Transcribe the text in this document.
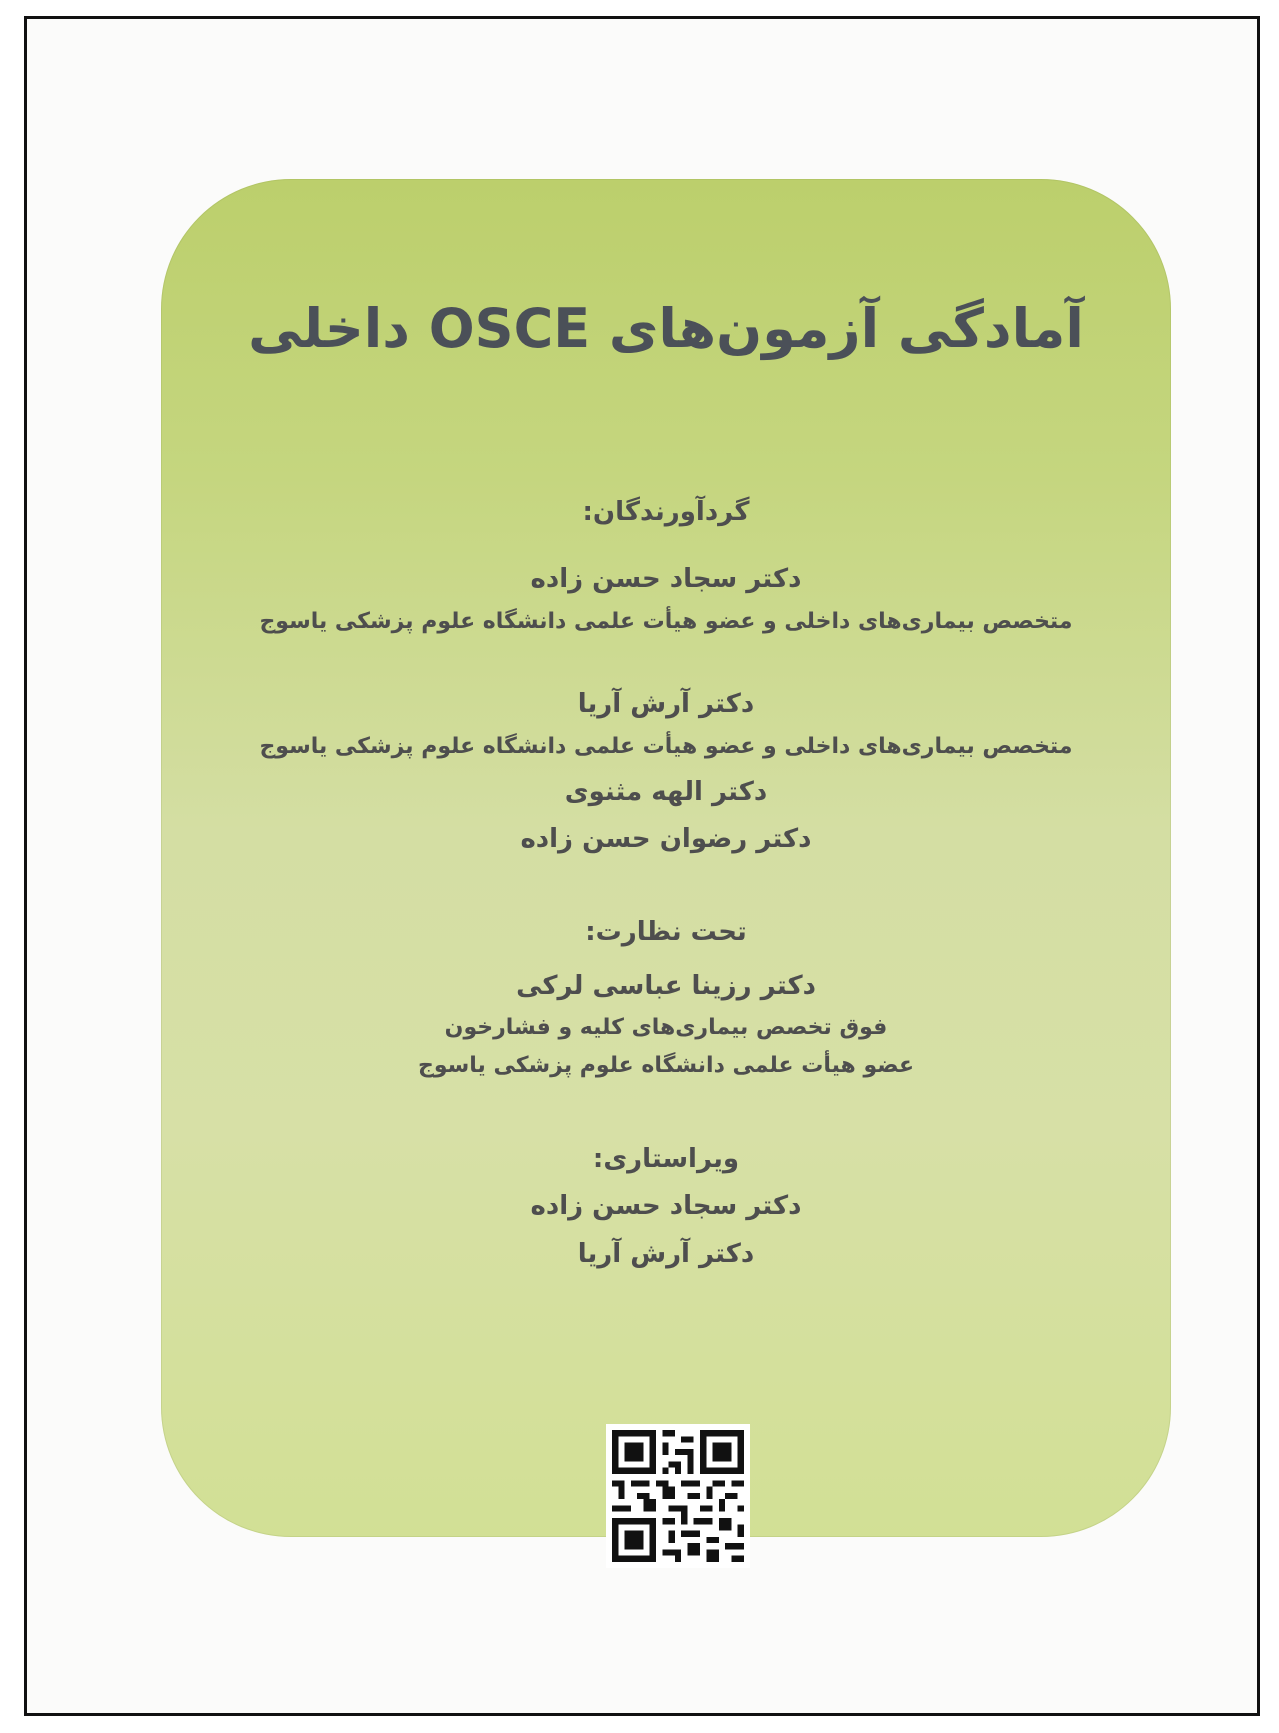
آمادگی آزمون‌های OSCE داخلی
گردآورندگان:
دکتر سجاد حسن زاده
متخصص بیماری‌های داخلی و عضو هیأت علمی دانشگاه علوم پزشکی یاسوج
دکتر آرش آریا
متخصص بیماری‌های داخلی و عضو هیأت علمی دانشگاه علوم پزشکی یاسوج
دکتر الهه مثنوی
دکتر رضوان حسن زاده
تحت نظارت:
دکتر رزینا عباسی لرکی
فوق تخصص بیماری‌های کلیه و فشارخون
عضو هیأت علمی دانشگاه علوم پزشکی یاسوج
ویراستاری:
دکتر سجاد حسن زاده
دکتر آرش آریا
